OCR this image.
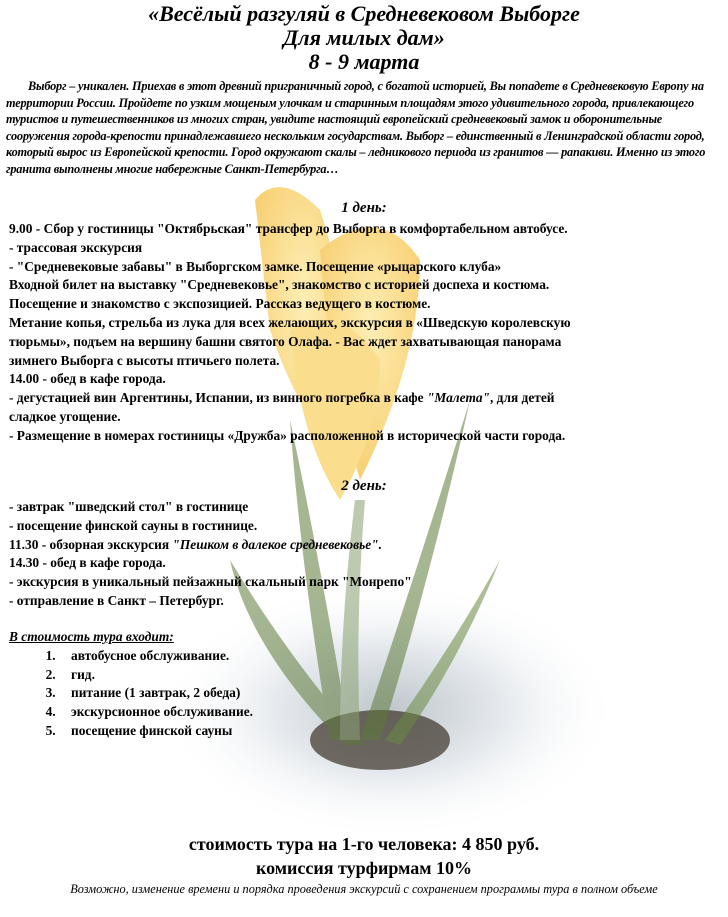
«Весёлый разгуляй в Средневековом Выборге
Для милых дам»
8 - 9 марта
Выборг – уникален. Приехав в этот древний приграничный город, с богатой историей, Вы попадете в Средневековую Европу на территории России. Пройдете по узким мощеным улочкам и старинным площадям этого удивительного города, привлекающего туристов и путешественников из многих стран, увидите настоящий европейский средневековый замок и оборонительные сооружения города-крепости принадлежавшего нескольким государствам. Выборг – единственный в Ленинградской области город, который вырос из Европейской крепости. Город окружают скалы – ледникового периода из гранитов — рапакиви. Именно из этого гранита выполнены многие набережные Санкт-Петербурга…
1 день:
9.00 - Сбор у гостиницы "Октябрьская" трансфер до Выборга в комфортабельном автобусе.
- трассовая экскурсия
- "Средневековые забавы" в Выборгском замке. Посещение «рыцарского клуба»
Входной билет на выставку "Средневековье", знакомство с историей доспеха и костюма.
Посещение и знакомство с экспозицией. Рассказ ведущего в костюме.
Метание копья, стрельба из лука для всех желающих, экскурсия в «Шведскую королевскую
тюрьмы», подъем на вершину башни святого Олафа. - Вас ждет захватывающая панорама
зимнего Выборга с высоты птичьего полета.
14.00 - обед в кафе города.
- дегустацией вин Аргентины, Испании, из винного погребка в кафе "Малета", для детей
сладкое угощение.
- Размещение в номерах гостиницы «Дружба» расположенной в исторической части города.
2 день:
- завтрак "шведский стол" в гостинице
- посещение финской сауны в гостинице.
11.30 - обзорная экскурсия "Пешком в далекое средневековье".
14.30 - обед в кафе города.
- экскурсия в уникальный пейзажный скальный парк "Монрепо"
- отправление в Санкт – Петербург.
В стоимость тура входит:
1. автобусное обслуживание.
2. гид.
3. питание (1 завтрак, 2 обеда)
4. экскурсионное обслуживание.
5. посещение финской сауны
стоимость тура на 1-го человека: 4 850 руб.
комиссия турфирмам 10%
Возможно, изменение времени и порядка проведения экскурсий с сохранением программы тура в полном объеме
